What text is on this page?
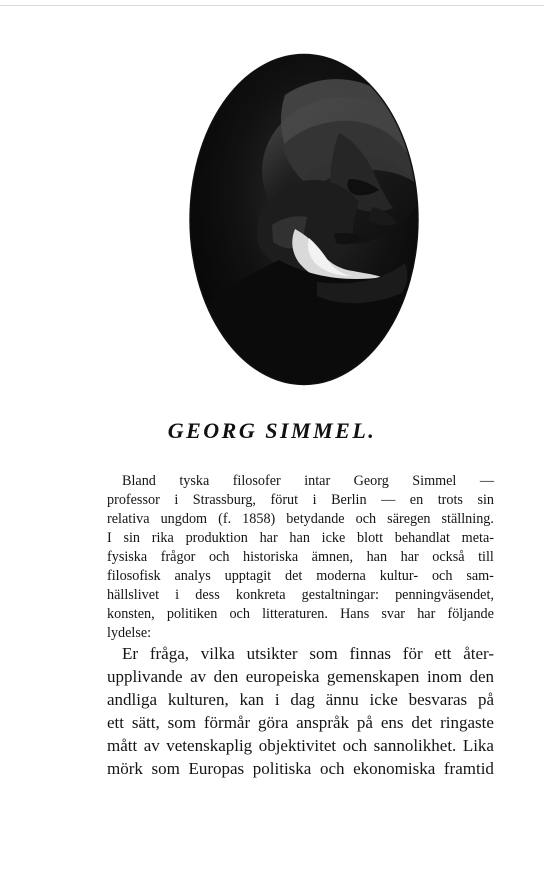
GEORG SIMMEL.
Bland tyska filosofer intar Georg Simmel —
professor i Strassburg, förut i Berlin — en trots sin
relativa ungdom (f. 1858) betydande och säregen ställning.
I sin rika produktion har han icke blott behandlat meta-
fysiska frågor och historiska ämnen, han har också till
filosofisk analys upptagit det moderna kultur- och sam-
hällslivet i dess konkreta gestaltningar: penningväsendet,
konsten, politiken och litteraturen. Hans svar har följande
lydelse:
Er fråga, vilka utsikter som finnas för ett åter-
upplivande av den europeiska gemenskapen inom den
andliga kulturen, kan i dag ännu icke besvaras på
ett sätt, som förmår göra anspråk på ens det ringaste
mått av vetenskaplig objektivitet och sannolikhet. Lika
mörk som Europas politiska och ekonomiska framtid
